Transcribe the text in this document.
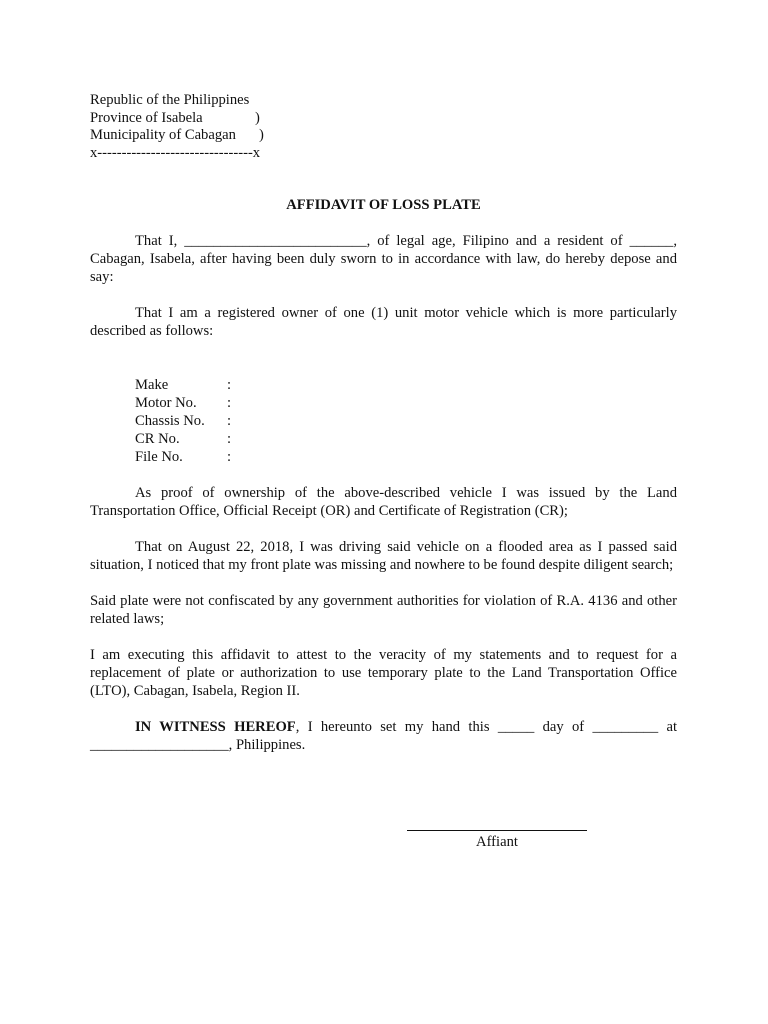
Republic of the Philippines
Province of Isabela	)
Municipality of Cabagan )
x--------------------------------x
AFFIDAVIT OF LOSS PLATE

That I, _________________________, of legal age, Filipino and a resident of ______, Cabagan, Isabela, after having been duly sworn to in accordance with law, do hereby depose and say:

That I am a registered owner of one (1) unit motor vehicle which is more particularly described as follows:

Make	:
Motor No. :
Chassis No. :
CR No.	:
File No.	:

As proof of ownership of the above-described vehicle I was issued by the Land Transportation Office, Official Receipt (OR) and Certificate of Registration (CR);

That on August 22, 2018, I was driving said vehicle on a flooded area as I passed said situation, I noticed that my front plate was missing and nowhere to be found despite diligent search;

Said plate were not confiscated by any government authorities for violation of R.A. 4136 and other related laws;

I am executing this affidavit to attest to the veracity of my statements and to request for a replacement of plate or authorization to use temporary plate to the Land Transportation Office (LTO), Cabagan, Isabela, Region II.

IN WITNESS HEREOF, I hereunto set my hand this _____ day of _________ at ___________________, Philippines.

Affiant
